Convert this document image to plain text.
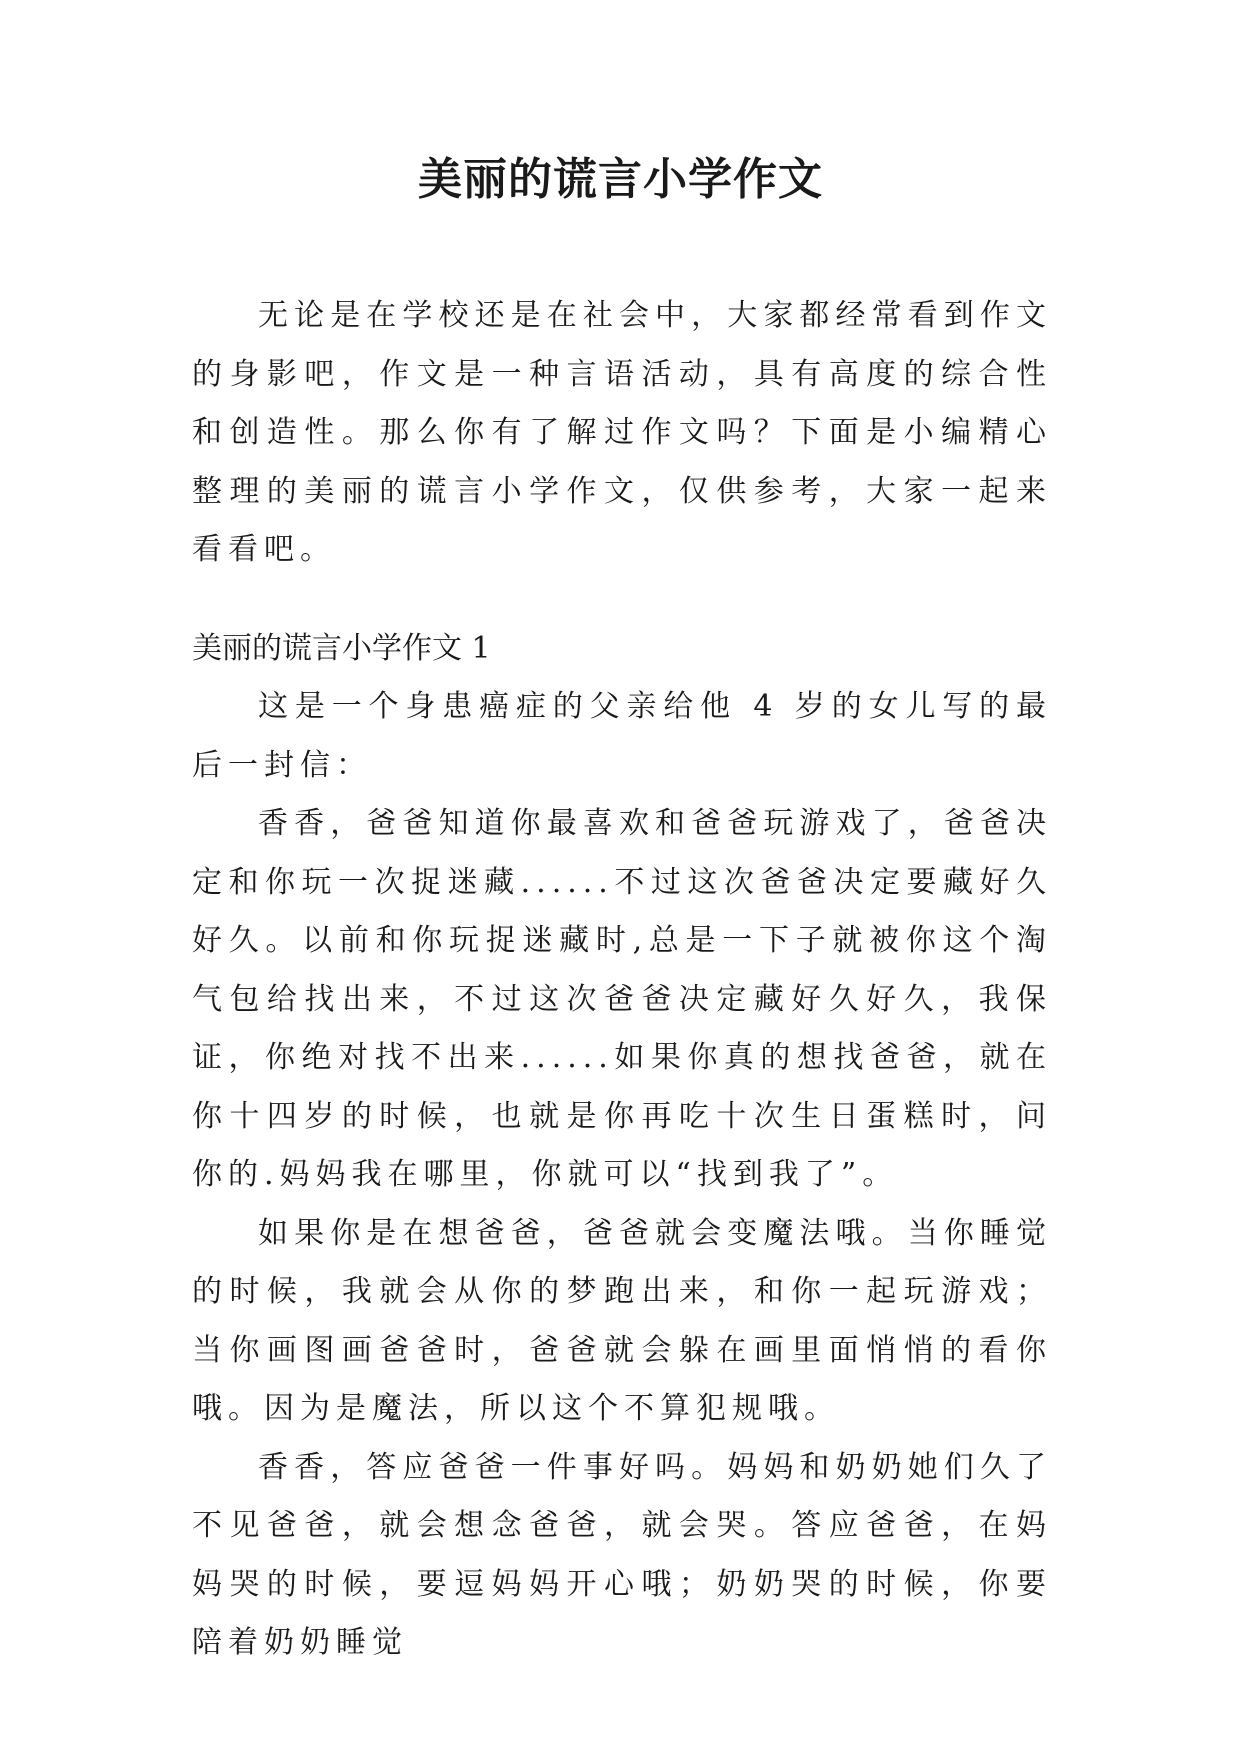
美丽的谎言小学作文

无论是在学校还是在社会中，大家都经常看到作文的身影吧，作文是一种言语活动，具有高度的综合性和创造性。那么你有了解过作文吗？下面是小编精心整理的美丽的谎言小学作文，仅供参考，大家一起来看看吧。

美丽的谎言小学作文 1

这是一个身患癌症的父亲给他 4 岁的女儿写的最后一封信：

香香，爸爸知道你最喜欢和爸爸玩游戏了，爸爸决定和你玩一次捉迷藏......不过这次爸爸决定要藏好久好久。以前和你玩捉迷藏时,总是一下子就被你这个淘气包给找出来，不过这次爸爸决定藏好久好久，我保证，你绝对找不出来......如果你真的想找爸爸，就在你十四岁的时候，也就是你再吃十次生日蛋糕时，问你的.妈妈我在哪里，你就可以“找到我了”。

如果你是在想爸爸，爸爸就会变魔法哦。当你睡觉的时候，我就会从你的梦跑出来，和你一起玩游戏；当你画图画爸爸时，爸爸就会躲在画里面悄悄的看你哦。因为是魔法，所以这个不算犯规哦。

香香，答应爸爸一件事好吗。妈妈和奶奶她们久了不见爸爸，就会想念爸爸，就会哭。答应爸爸，在妈妈哭的时候，要逗妈妈开心哦；奶奶哭的时候，你要陪着奶奶睡觉
